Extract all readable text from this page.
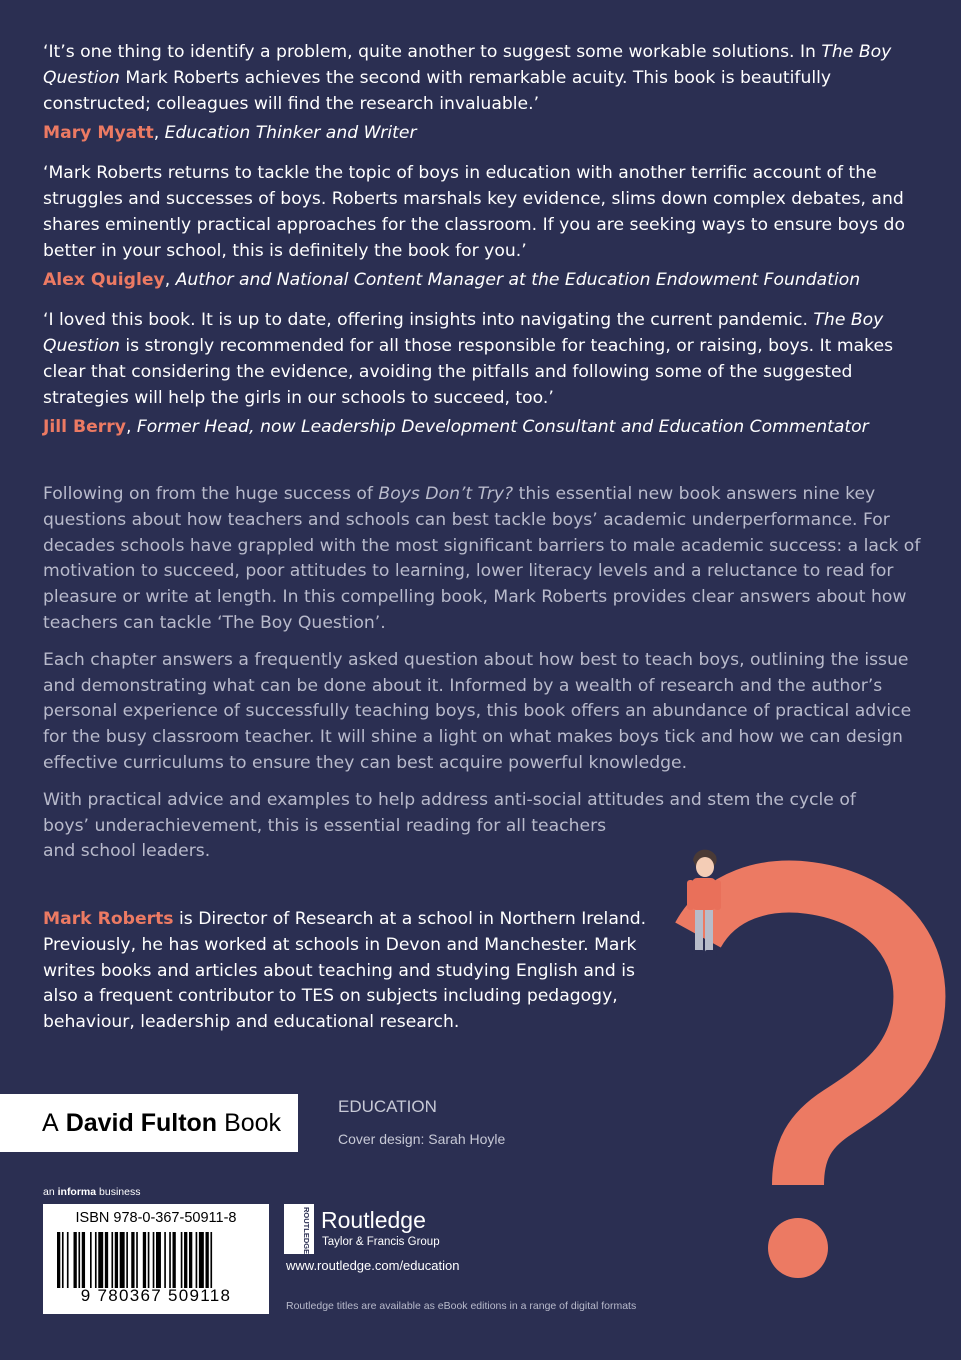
‘It’s one thing to identify a problem, quite another to suggest some workable solutions. In The Boy Question Mark Roberts achieves the second with remarkable acuity. This book is beautifully constructed; colleagues will find the research invaluable.’

Mary Myatt, Education Thinker and Writer

‘Mark Roberts returns to tackle the topic of boys in education with another terrific account of the struggles and successes of boys. Roberts marshals key evidence, slims down complex debates, and shares eminently practical approaches for the classroom. If you are seeking ways to ensure boys do better in your school, this is definitely the book for you.’

Alex Quigley, Author and National Content Manager at the Education Endowment Foundation

‘I loved this book. It is up to date, offering insights into navigating the current pandemic. The Boy Question is strongly recommended for all those responsible for teaching, or raising, boys. It makes clear that considering the evidence, avoiding the pitfalls and following some of the suggested strategies will help the girls in our schools to succeed, too.’

Jill Berry, Former Head, now Leadership Development Consultant and Education Commentator

Following on from the huge success of Boys Don’t Try? this essential new book answers nine key questions about how teachers and schools can best tackle boys’ academic underperformance. For decades schools have grappled with the most significant barriers to male academic success: a lack of motivation to succeed, poor attitudes to learning, lower literacy levels and a reluctance to read for pleasure or write at length. In this compelling book, Mark Roberts provides clear answers about how teachers can tackle ‘The Boy Question’.

Each chapter answers a frequently asked question about how best to teach boys, outlining the issue and demonstrating what can be done about it. Informed by a wealth of research and the author’s personal experience of successfully teaching boys, this book offers an abundance of practical advice for the busy classroom teacher. It will shine a light on what makes boys tick and how we can design effective curriculums to ensure they can best acquire powerful knowledge.

With practical advice and examples to help address anti-social attitudes and stem the cycle of
boys’ underachievement, this is essential reading for all teachers
and school leaders.

Mark Roberts is Director of Research at a school in Northern Ireland. Previously, he has worked at schools in Devon and Manchester. Mark writes books and articles about teaching and studying English and is also a frequent contributor to TES on subjects including pedagogy, behaviour, leadership and educational research.

A David Fulton Book
EDUCATION
Cover design: Sarah Hoyle
an informa business
ISBN 978-0-367-50911-8
9 780367 509118
ROUTLEDGE Routledge
Taylor & Francis Group
www.routledge.com/education
Routledge titles are available as eBook editions in a range of digital formats
